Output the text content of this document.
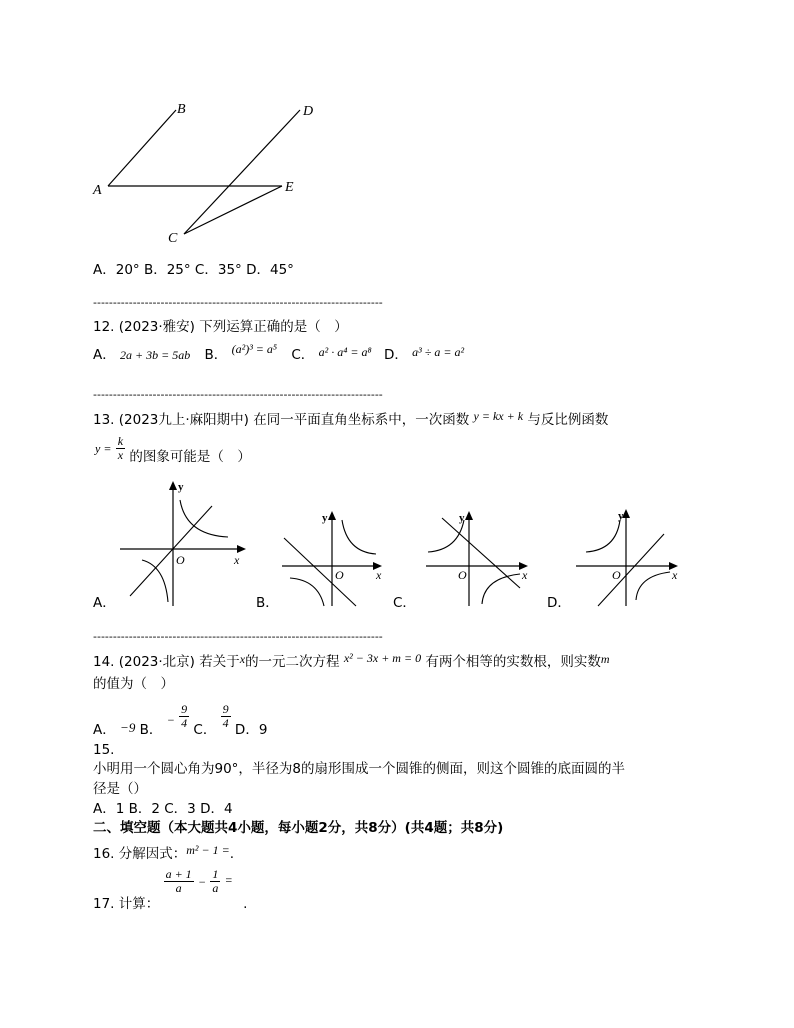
B	D
A	E
C
A．20° B．25° C．35° D．45°
-------------------------------------------------------------------------
12. (2023·雅安) 下列运算正确的是（　）
A． 2a + 3b = 5ab B． (a²)³ = a⁵ C． a² · a⁴ = a⁸ D． a³ ÷ a = a²
-------------------------------------------------------------------------
13. (2023九上·麻阳期中) 在同一平面直角坐标系中，一次函数 y = kx + k 与反比例函数
$y = \frac{k}{x}$ 的图象可能是（　）
y
x
O
A．
y
x
O
B．
y
x
O
C．
y
x
O
D．
-------------------------------------------------------------------------
14. (2023·北京) 若关于x的一元二次方程 x² − 3x + m = 0 有两个相等的实数根，则实数m
的值为（　）
A． −9 B． − $\frac{9}{4}$ C． $\frac{9}{4}$ D．9
15.
小明用一个圆心角为90°，半径为8的扇形围成一个圆锥的侧面，则这个圆锥的底面圆的半
径是（）
A．1 B．2 C．3 D．4
二、填空题（本大题共4小题，每小题2分，共8分）(共4题；共8分)
16. 分解因式：m² − 1 =.
17. 计算：
$\frac{a + 1}{a} - \frac{1}{a}$ = .
